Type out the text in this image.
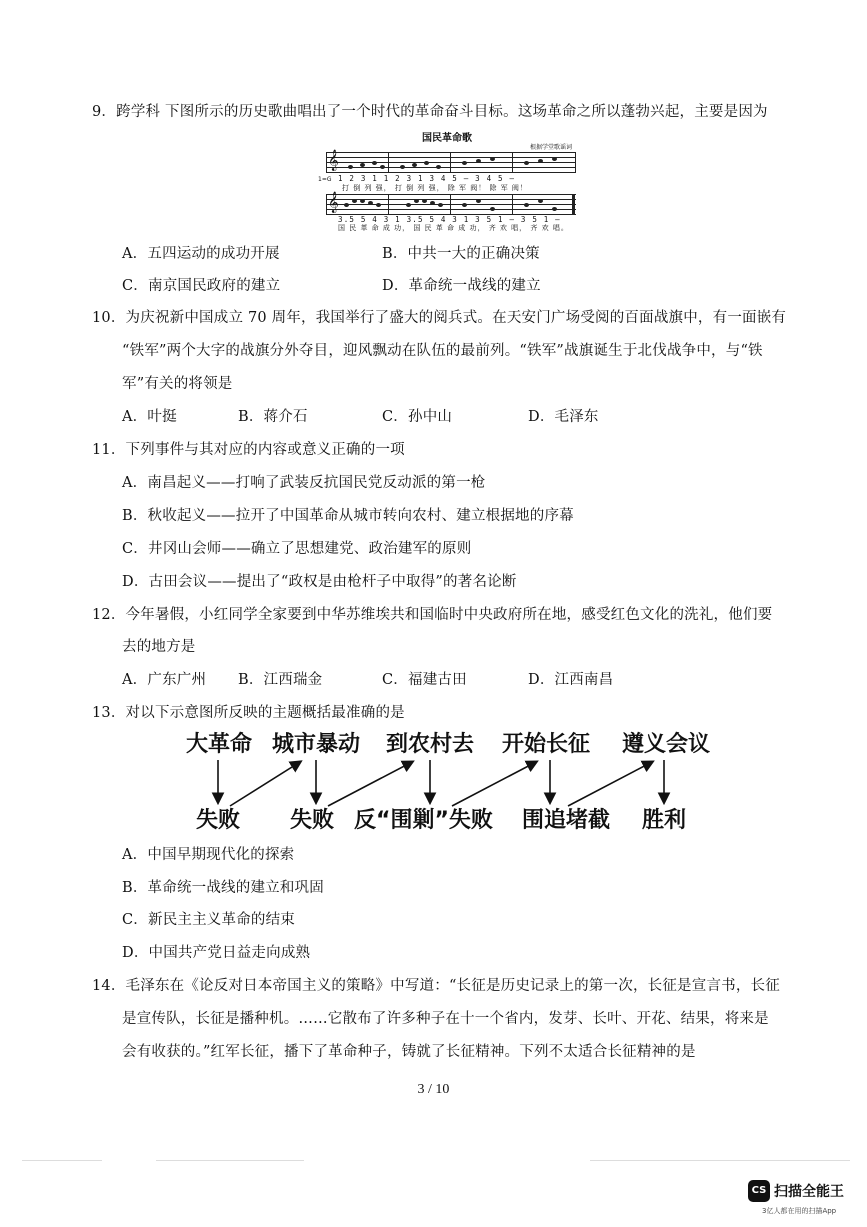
9．跨学科 下图所示的历史歌曲唱出了一个时代的革命奋斗目标。这场革命之所以蓬勃兴起，主要是因为
国民革命歌
根据学堂歌谣词
𝄞
1=G 1 2 3 1 1 2 3 1 3 4 5 — 3 4 5 —
打 倒 列 强， 打 倒 列 强， 除 军 阀！ 除 军 阀！
𝄞
3.5 5 4 3 1 3.5 5 4 3 1 3 5 1 — 3 5 1 —
国 民 革 命 成 功， 国 民 革 命 成 功， 齐 欢 唱， 齐 欢 唱。
A．五四运动的成功开展	B．中共一大的正确决策
C．南京国民政府的建立	D．革命统一战线的建立
10．为庆祝新中国成立 70 周年，我国举行了盛大的阅兵式。在天安门广场受阅的百面战旗中，有一面嵌有
“铁军”两个大字的战旗分外夺目，迎风飘动在队伍的最前列。“铁军”战旗诞生于北伐战争中，与“铁
军”有关的将领是
A．叶挺	B．蒋介石	C．孙中山	D．毛泽东
11．下列事件与其对应的内容或意义正确的一项
A．南昌起义——打响了武装反抗国民党反动派的第一枪
B．秋收起义——拉开了中国革命从城市转向农村、建立根据地的序幕
C．井冈山会师——确立了思想建党、政治建军的原则
D．古田会议——提出了“政权是由枪杆子中取得”的著名论断
12．今年暑假，小红同学全家要到中华苏维埃共和国临时中央政府所在地，感受红色文化的洗礼，他们要
去的地方是
A．广东广州 B．江西瑞金	C．福建古田	D．江西南昌
13．对以下示意图所反映的主题概括最准确的是
大革命 城市暴动 到农村去 开始长征 遵义会议
失败 失败 反“围剿”失败 围追堵截 胜利
A．中国早期现代化的探索
B．革命统一战线的建立和巩固
C．新民主主义革命的结束
D．中国共产党日益走向成熟
14．毛泽东在《论反对日本帝国主义的策略》中写道：“长征是历史记录上的第一次，长征是宣言书，长征
是宣传队，长征是播种机。……它散布了许多种子在十一个省内，发芽、长叶、开花、结果，将来是
会有收获的。”红军长征，播下了革命种子，铸就了长征精神。下列不太适合长征精神的是
3 / 10
CS 扫描全能王
3亿人都在用的扫描App
